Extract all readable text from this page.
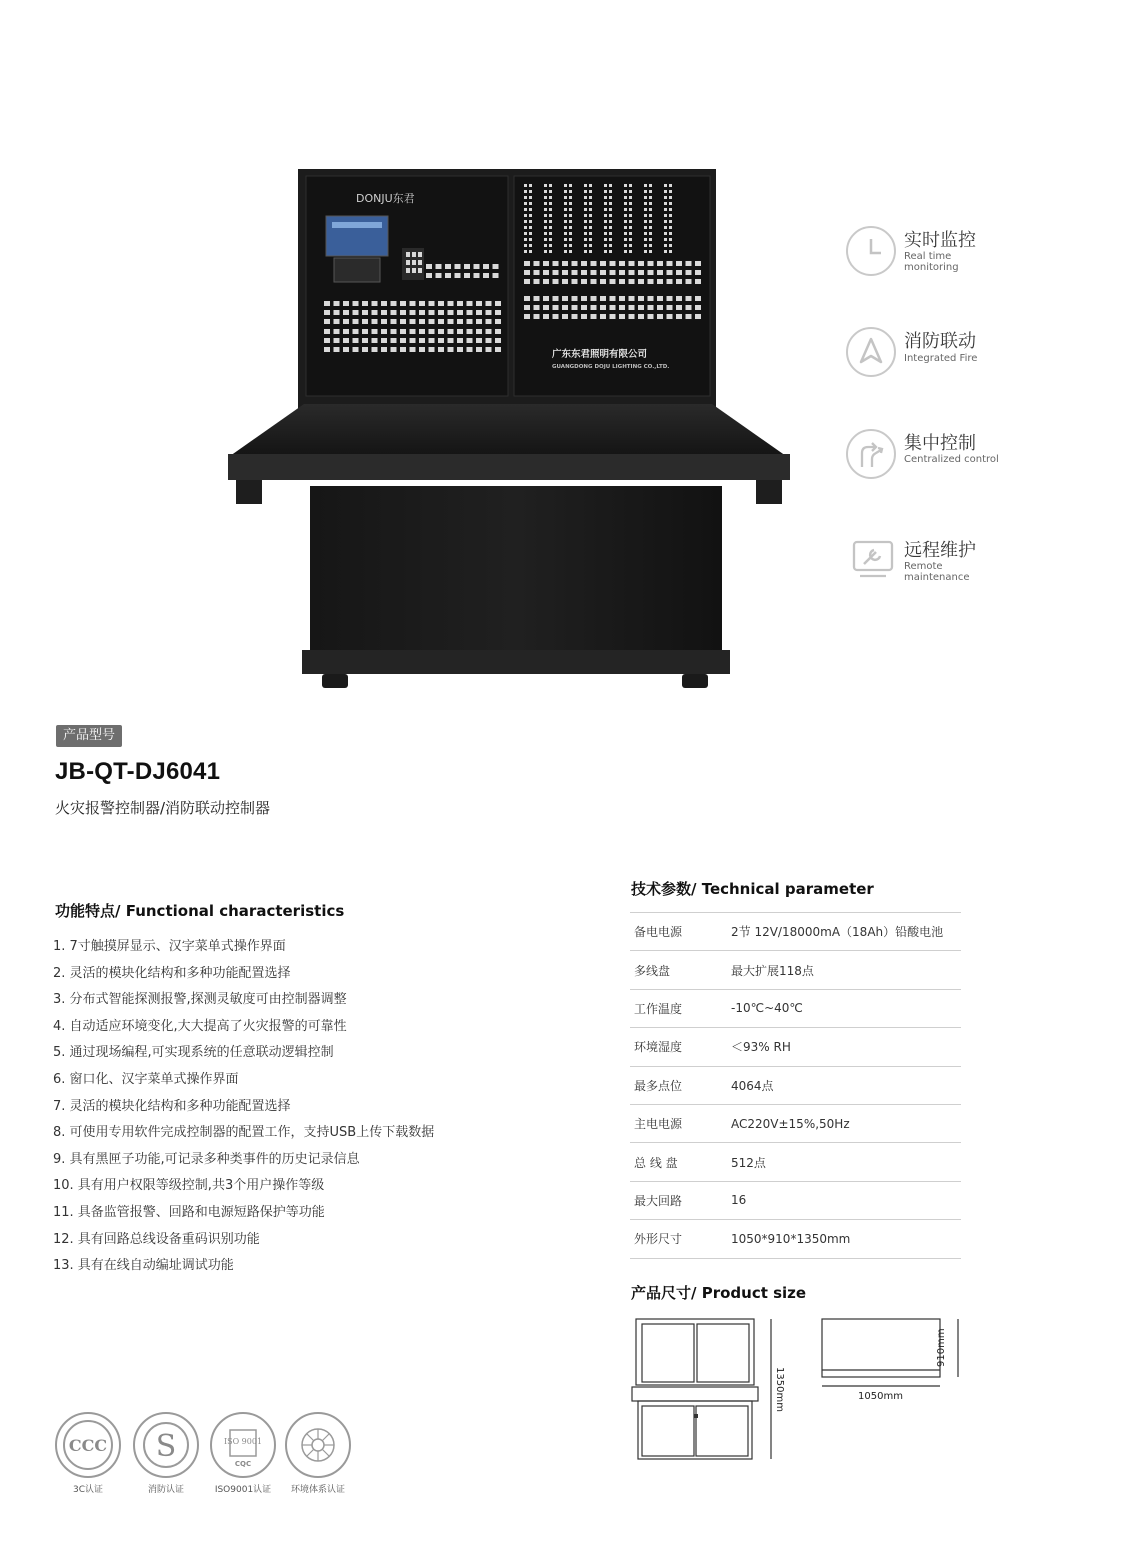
DONJU东君
广东东君照明有限公司
GUANGDONG DOJU LIGHTING CO.,LTD.
实时监控
Real time monitoring
消防联动
Integrated Fire
集中控制
Centralized control
远程维护
Remote maintenance
产品型号
JB-QT-DJ6041
火灾报警控制器/消防联动控制器
功能特点/ Functional characteristics
1. 7寸触摸屏显示、汉字菜单式操作界面
2. 灵活的模块化结构和多种功能配置选择
3. 分布式智能探测报警,探测灵敏度可由控制器调整
4. 自动适应环境变化,大大提高了火灾报警的可靠性
5. 通过现场编程,可实现系统的任意联动逻辑控制
6. 窗口化、汉字菜单式操作界面
7. 灵活的模块化结构和多种功能配置选择
8. 可使用专用软件完成控制器的配置工作，支持USB上传下载数据
9. 具有黑匣子功能,可记录多种类事件的历史记录信息
10. 具有用户权限等级控制,共3个用户操作等级
11. 具备监管报警、回路和电源短路保护等功能
12. 具有回路总线设备重码识别功能
13. 具有在线自动编址调试功能
技术参数/ Technical parameter
备电电源	2节 12V/18000mA（18Ah）铅酸电池
多线盘	最大扩展118点
工作温度	-10℃~40℃
环境湿度	＜93% RH
最多点位	4064点
主电电源	AC220V±15%,50Hz
总 线 盘	512点
最大回路	16
外形尺寸	1050*910*1350mm
产品尺寸/ Product size
1350mm
910mm
1050mm
CCC
3C认证
S
消防认证
ISO 9001
CQC
ISO9001认证	环境体系认证
